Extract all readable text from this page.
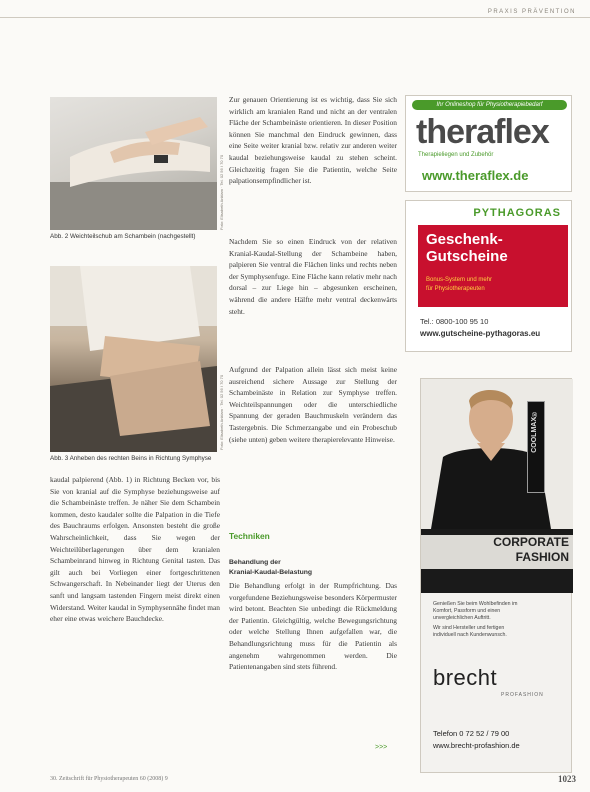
PRAXIS PRÄVENTION
Foto: Elisabeth Anklam · Tel. 02 56 / 70 70
Abb. 2 Weichteilschub am Schambein (nachgestellt)
Foto: Elisabeth Anklam · Tel. 02 56 / 70 70
Abb. 3 Anheben des rechten Beins in Richtung Symphyse
kaudal palpierend (Abb. 1) in Richtung Becken vor, bis Sie von kranial auf die Symphyse beziehungsweise auf die Schambeinäste treffen. Je näher Sie dem Schambein kommen, desto kaudaler sollte die Palpation in die Tiefe des Bauchraums erfolgen. Ansonsten besteht die große Wahrscheinlichkeit, dass Sie wegen der Weichteilüberlagerungen über dem kranialen Schambeinrand hinweg in Richtung Genital tasten. Das gilt auch bei Vorliegen einer fortgeschrittenen Schwangerschaft. In Nebeinander liegt der Uterus den sanft und langsam tastenden Fingern meist direkt einen Widerstand. Weiter kaudal in Symphysennähe findet man eher eine etwas weichere Bauchdecke.
Zur genauen Orientierung ist es wichtig, dass Sie sich wirklich am kranialen Rand und nicht an der ventralen Fläche der Schambeinäste orientieren. In dieser Position können Sie manchmal den Eindruck gewinnen, dass eine Seite weiter kranial bzw. relativ zur anderen weiter kaudal beziehungsweise kaudal zu stehen scheint. Gleichzeitig fragen Sie die Patientin, welche Seite palpationsempfindlicher ist.
Nachdem Sie so einen Eindruck von der relativen Kranial-Kaudal-Stellung der Schambeine haben, palpieren Sie ventral die Flächen links und rechts neben der Symphysenfuge. Eine Fläche kann relativ mehr nach dorsal – zur Liege hin – abgesunken erscheinen, während die andere Hälfte mehr ventral deckenwärts steht.
Aufgrund der Palpation allein lässt sich meist keine ausreichend sichere Aussage zur Stellung der Schambeinäste in Relation zur Symphyse treffen. Weichteilspannungen oder die unterschiedliche Spannung der geraden Bauchmuskeln verändern das Tastergebnis. Die Schmerzangabe und ein Probeschub (siehe unten) geben weitere therapierelevante Hinweise.
Techniken
Behandlung der
Kranial-Kaudal-Belastung
Die Behandlung erfolgt in der Rumpfrichtung. Das vorgefundene Beziehungsweise besonders Körpermuster wird betont. Beachten Sie unbedingt die Rückmeldung der Patientin. Gleichgültig, welche Bewegungsrichtung oder welche Stellung Ihnen aufgefallen war, die Behandlungsrichtung muss für die Patientin als angenehm wahrgenommen werden. Die Patientenangaben sind stets führend.
>>>
Ihr Onlineshop für Physiotherapiebedarf
theraflex
Therapieliegen und Zubehör
www.theraflex.de
PYTHAGORAS
Geschenk-
Gutscheine
Bonus-System und mehr
für Physiotherapeuten
Tel.: 0800-100 95 10
www.gutscheine-pythagoras.eu
COOLMAX®
CORPORATE
FASHION
Genießen Sie beim Wohlbefinden im
Komfort, Passform und einen
unvergleichlichen Auftritt.
Wir sind Hersteller und fertigen
individuell nach Kundenwunsch.
brecht
PROFASHION
Telefon 0 72 52 / 79 00
www.brecht-profashion.de
30. Zeitschrift für Physiotherapeuten 60 (2008) 9	1023
